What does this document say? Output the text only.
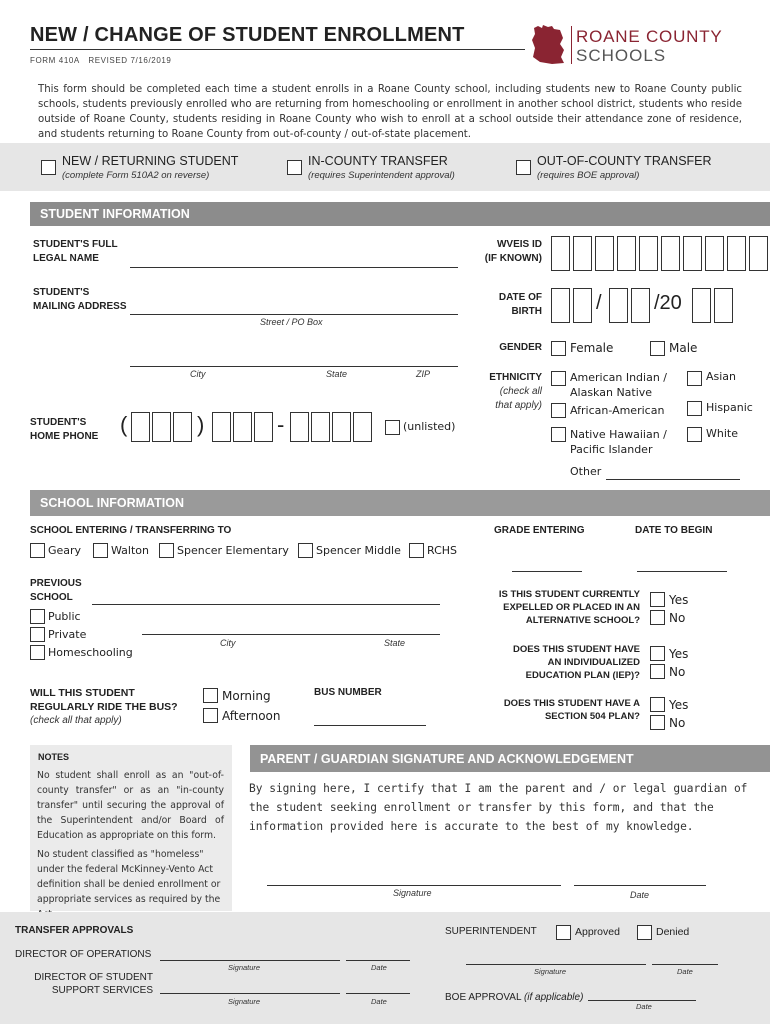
NEW / CHANGE OF STUDENT ENROLLMENT
FORM 410A REVISED 7/16/2019
ROANE COUNTY
SCHOOLS
This form should be completed each time a student enrolls in a Roane County school, including students new to Roane County public schools, students previously enrolled who are returning from homeschooling or enrollment in another school district, students who reside outside of Roane County, students residing in Roane County who wish to enroll at a school outside their attendance zone of residence, and students returning to Roane County from out-of-county / out-of-state placement.
NEW / RETURNING STUDENT
(complete Form 510A2 on reverse)
IN-COUNTY TRANSFER
(requires Superintendent approval)
OUT-OF-COUNTY TRANSFER
(requires BOE approval)
STUDENT INFORMATION
STUDENT'S FULL
LEGAL NAME
STUDENT'S
MAILING ADDRESS
Street / PO Box
City	State	ZIP
STUDENT'S
HOME PHONE (	)	-	(unlisted)
WVEIS ID
(IF KNOWN)
DATE OF
BIRTH	/	/20
GENDER Female	Male
ETHNICITY
(check all
that apply)
American Indian /
Alaskan Native
Asian
African-American	Hispanic
Native Hawaiian /
Pacific Islander
White
Other
SCHOOL INFORMATION
SCHOOL ENTERING / TRANSFERRING TO
Geary	Walton	Spencer Elementary Spencer Middle RCHS
GRADE ENTERING	DATE TO BEGIN
PREVIOUS
SCHOOL
Public
Private
Homeschooling
City	State
IS THIS STUDENT CURRENTLY
EXPELLED OR PLACED IN AN
ALTERNATIVE SCHOOL?
Yes
No
DOES THIS STUDENT HAVE
AN INDIVIDUALIZED
EDUCATION PLAN (IEP)?
Yes
No
DOES THIS STUDENT HAVE A
SECTION 504 PLAN?
Yes
No
WILL THIS STUDENT
REGULARLY RIDE THE BUS?
(check all that apply)
Morning
Afternoon
BUS NUMBER
NOTES
No student shall enroll as an "out-of-county transfer" or as an "in-county transfer" until securing the approval of the Superintendent and/or Board of Education as appropriate on this form.
No student classified as "homeless" under the federal McKinney-Vento Act definition shall be denied enrollment or appropriate services as required by the
PARENT / GUARDIAN SIGNATURE AND ACKNOWLEDGEMENT
By signing here, I certify that I am the parent and / or legal guardian of the student seeking enrollment or transfer by this form, and that the information provided here is accurate to the best of my knowledge.
Signature	Date
TRANSFER APPROVALS
DIRECTOR OF OPERATIONS
Signature	Date
DIRECTOR OF STUDENT
SUPPORT SERVICES
Signature	Date
SUPERINTENDENT	Approved	Denied
Signature	Date
BOE APPROVAL (if applicable)
Date
